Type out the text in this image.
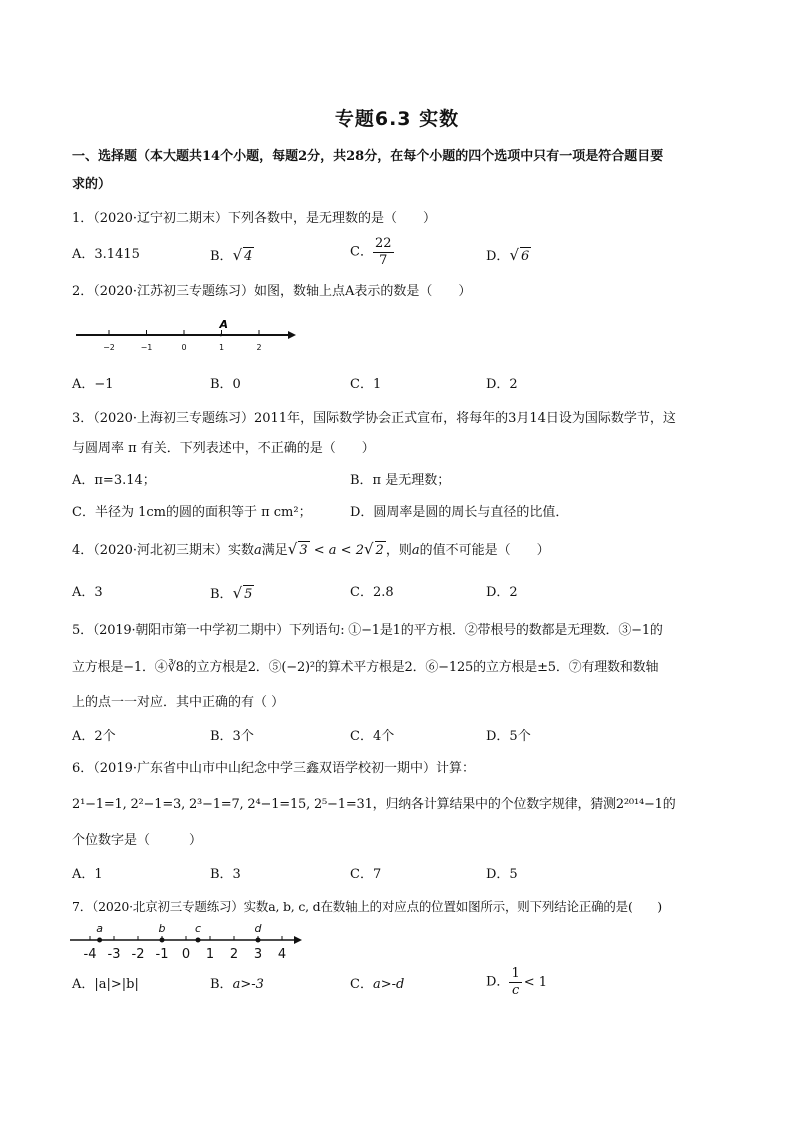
专题6.3 实数
一、选择题（本大题共14个小题，每题2分，共28分，在每个小题的四个选项中只有一项是符合题目要
求的）
1．（2020·辽宁初二期末）下列各数中，是无理数的是（　　）
A．3.1415	B．√ 4	C． $\frac{22}{7}$	D．√ 6
2．（2020·江苏初三专题练习）如图，数轴上点A表示的数是（　　）
−2	−1	0	1	2
A
A．−1	B．0	C．1	D．2
3．（2020·上海初三专题练习）2011年，国际数学协会正式宣布，将每年的3月14日设为国际数学节，这
与圆周率 π 有关．下列表述中，不正确的是（　　）
A．π=3.14；	B．π 是无理数；
C．半径为 1cm的圆的面积等于 π cm²；	D．圆周率是圆的周长与直径的比值．
4．（2020·河北初三期末）实数a满足√ 3 < a < 2√ 2 ，则a的值不可能是（　　）
A．3	B．√ 5	C．2.8	D．2
5．（2019·朝阳市第一中学初二期中）下列语句: ①−1是1的平方根．②带根号的数都是无理数．③−1的
立方根是−1．④∛8的立方根是2．⑤(−2)²的算术平方根是2．⑥−125的立方根是±5．⑦有理数和数轴
上的点一一对应．其中正确的有（ ）
A．2个	B．3个	C．4个	D．5个
6．（2019·广东省中山市中山纪念中学三鑫双语学校初一期中）计算：
2¹−1=1, 2²−1=3, 2³−1=7, 2⁴−1=15, 2⁵−1=31，归纳各计算结果中的个位数字规律，猜测2²⁰¹⁴−1的
个位数字是（　　　）
A．1	B．3	C．7	D．5
7．（2020·北京初三专题练习）实数a, b, c, d在数轴上的对应点的位置如图所示，则下列结论正确的是(　　)
-4 -3 -2 -1 0 1 2 3 4
a	b	c	d
A．|a|>|b|	B．a>-3	C．a>-d	D． $\frac{1}{c} < 1$
